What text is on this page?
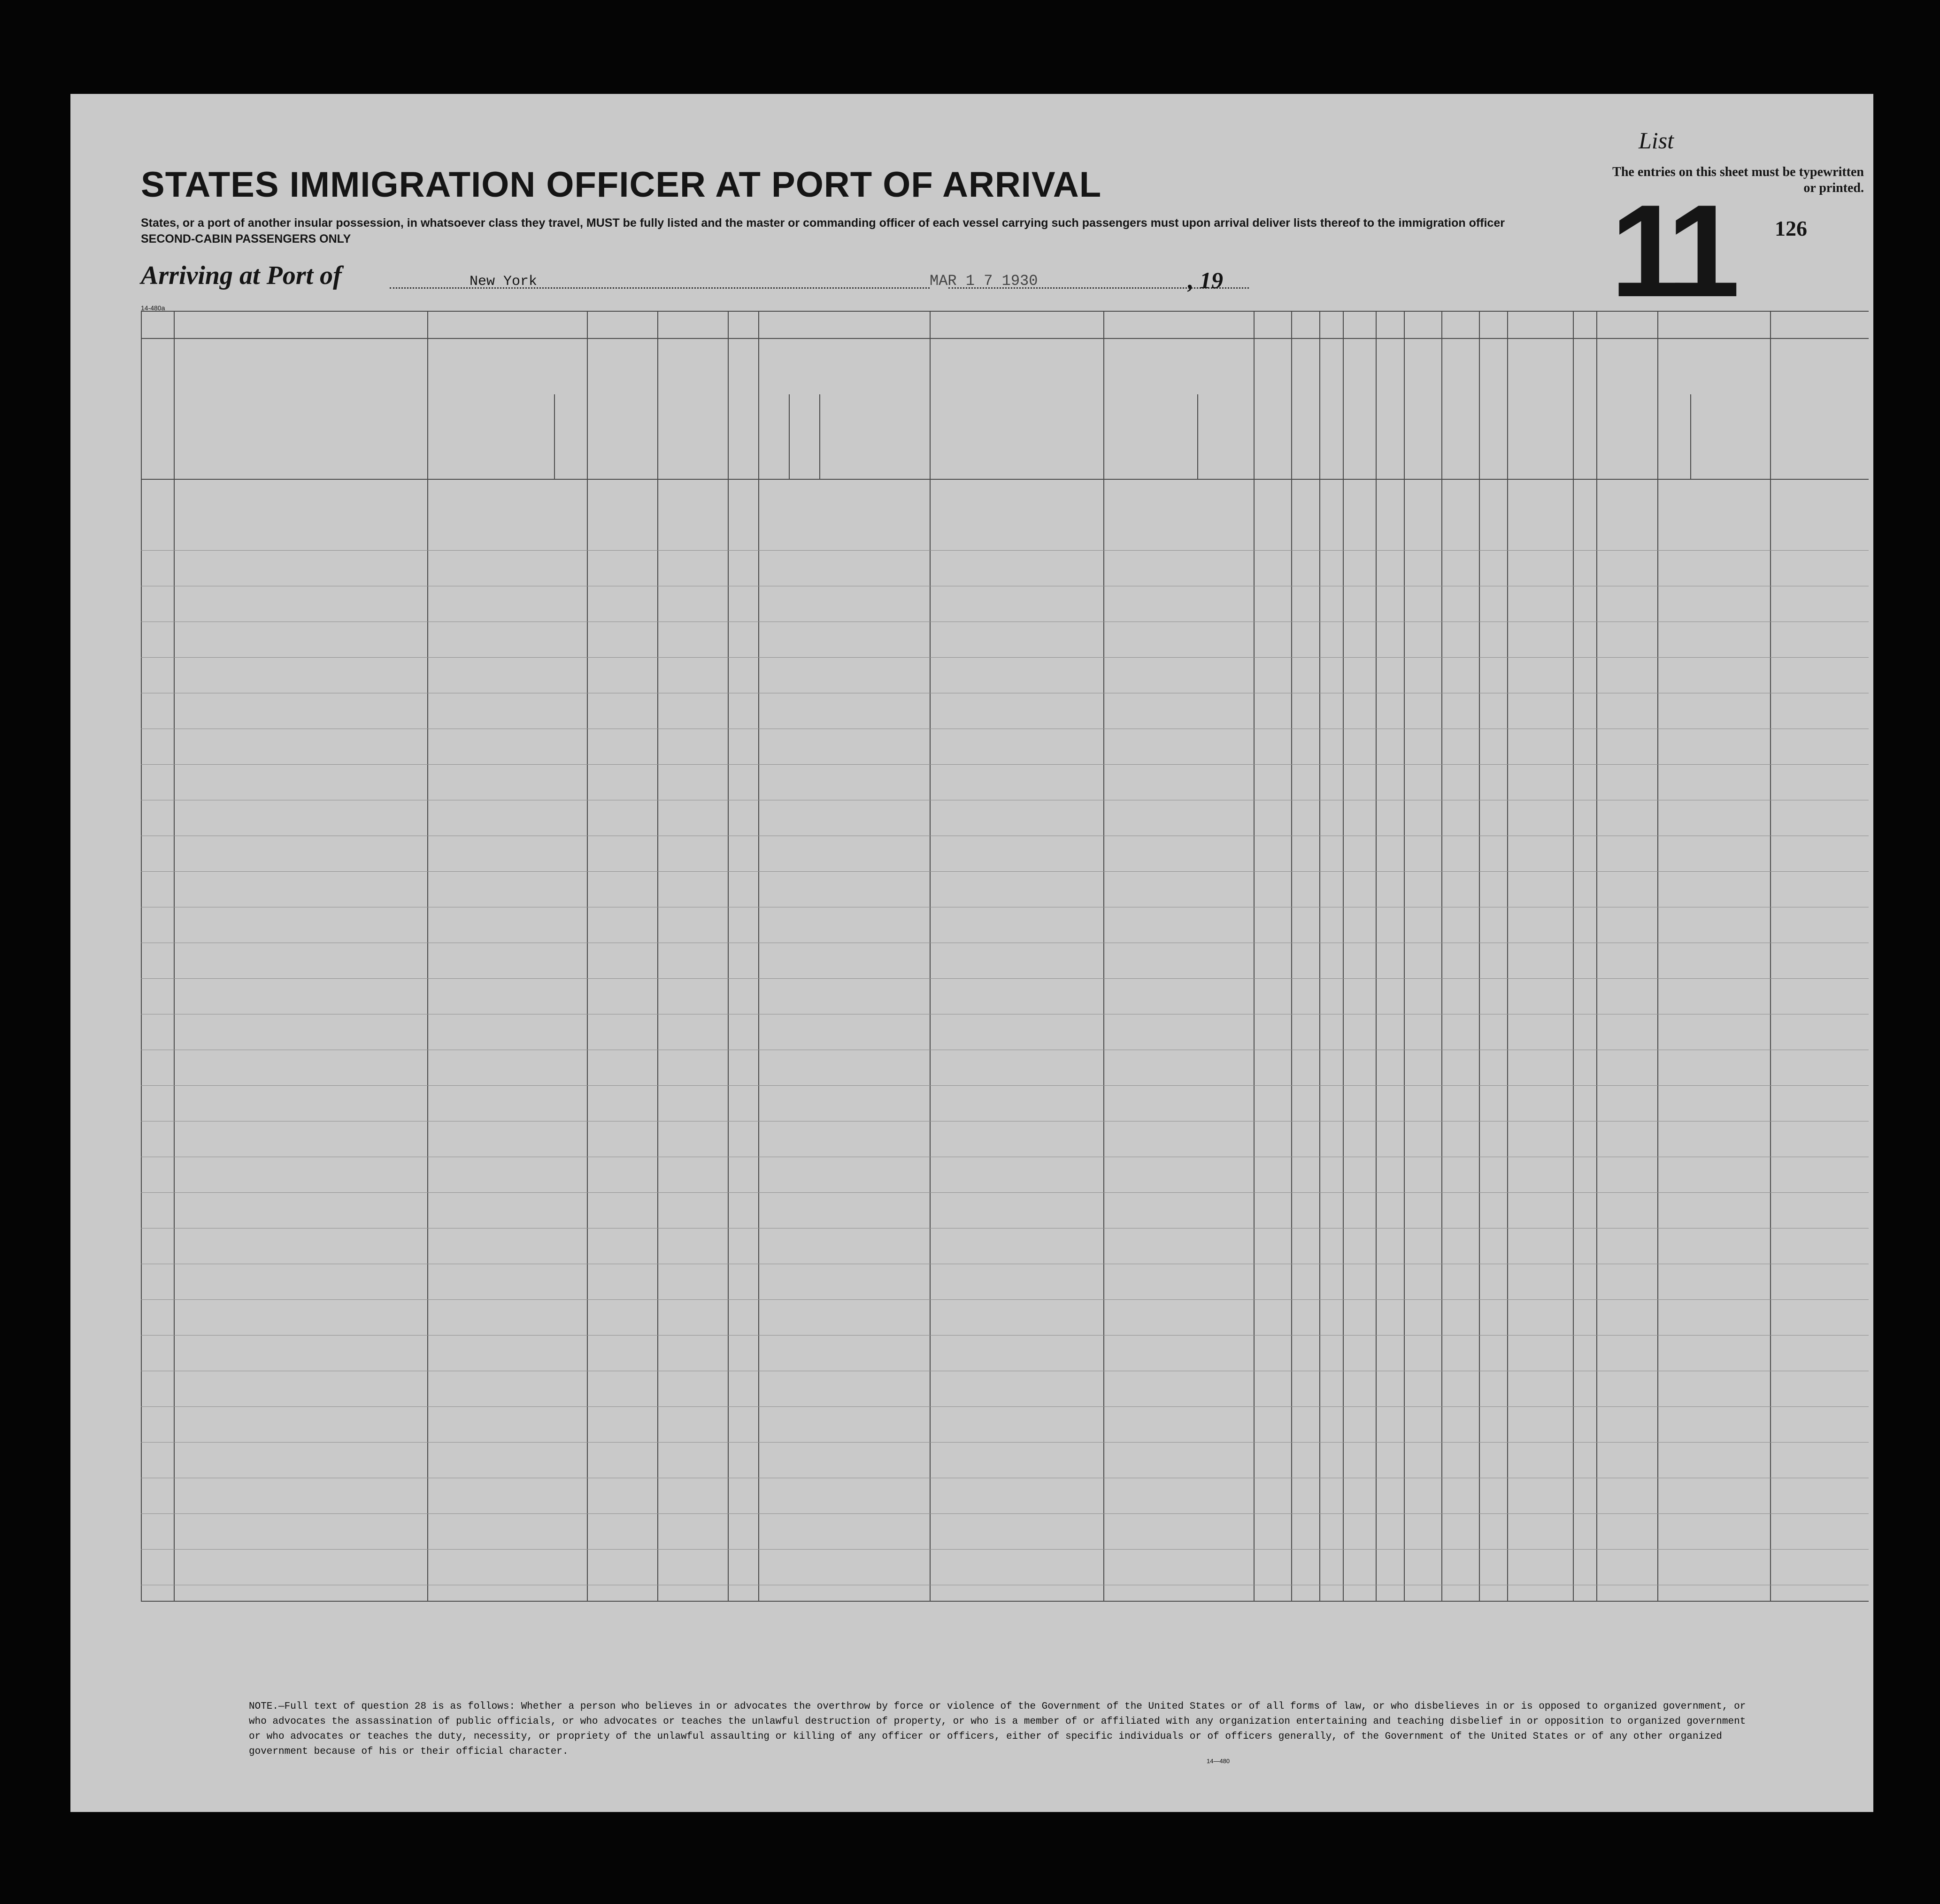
List
The entries on this sheet must be typewritten or printed.
11 126
STATES IMMIGRATION OFFICER AT PORT OF ARRIVAL
States, or a port of another insular possession, in whatsoever class they travel, MUST be fully listed and the master or commanding officer of each vessel carrying such passengers must upon arrival deliver lists thereof to the immigration officer
SECOND-CABIN PASSENGERS ONLY
Arriving at Port of	New York	MAR 1 7 1930	, 19
14-480a
NOTE.—Full text of question 28 is as follows: Whether a person who believes in or advocates the overthrow by force or violence of the Government of the United States or of all forms of law, or who disbelieves in or is opposed to organized government, or who advocates the assassination of public officials, or who advocates or teaches the unlawful destruction of property, or who is a member of or affiliated with any organization entertaining and teaching disbelief in or opposition to organized government or who advocates or teaches the duty, necessity, or propriety of the unlawful assaulting or killing of any officer or officers, either of specific individuals or of officers generally, of the Government of the United States or of any other organized government because of his or their official character.
14—480
